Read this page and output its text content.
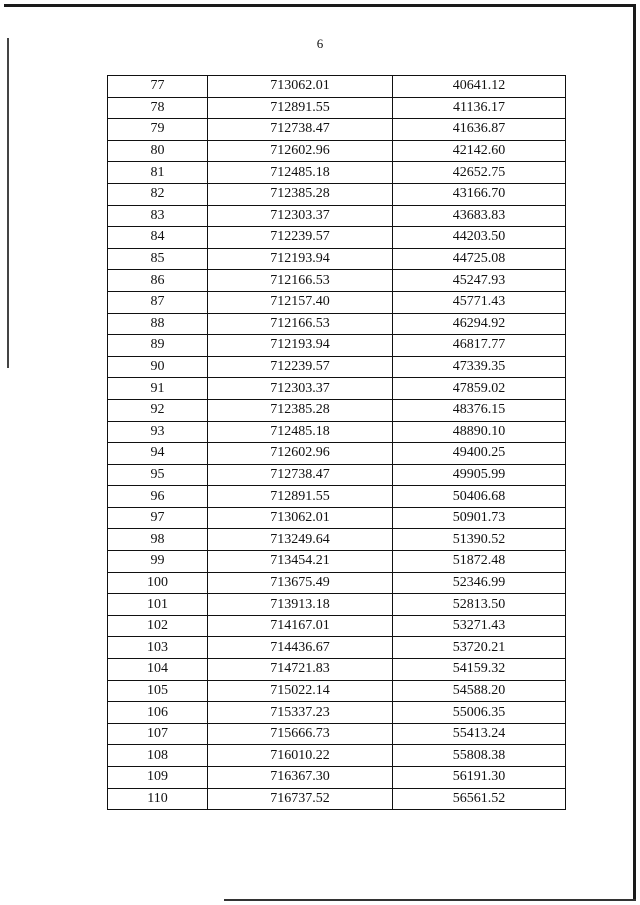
6
77	713062.01	40641.12
78	712891.55	41136.17
79	712738.47	41636.87
80	712602.96	42142.60
81	712485.18	42652.75
82	712385.28	43166.70
83	712303.37	43683.83
84	712239.57	44203.50
85	712193.94	44725.08
86	712166.53	45247.93
87	712157.40	45771.43
88	712166.53	46294.92
89	712193.94	46817.77
90	712239.57	47339.35
91	712303.37	47859.02
92	712385.28	48376.15
93	712485.18	48890.10
94	712602.96	49400.25
95	712738.47	49905.99
96	712891.55	50406.68
97	713062.01	50901.73
98	713249.64	51390.52
99	713454.21	51872.48
100	713675.49	52346.99
101	713913.18	52813.50
102	714167.01	53271.43
103	714436.67	53720.21
104	714721.83	54159.32
105	715022.14	54588.20
106	715337.23	55006.35
107	715666.73	55413.24
108	716010.22	55808.38
109	716367.30	56191.30
110	716737.52	56561.52
